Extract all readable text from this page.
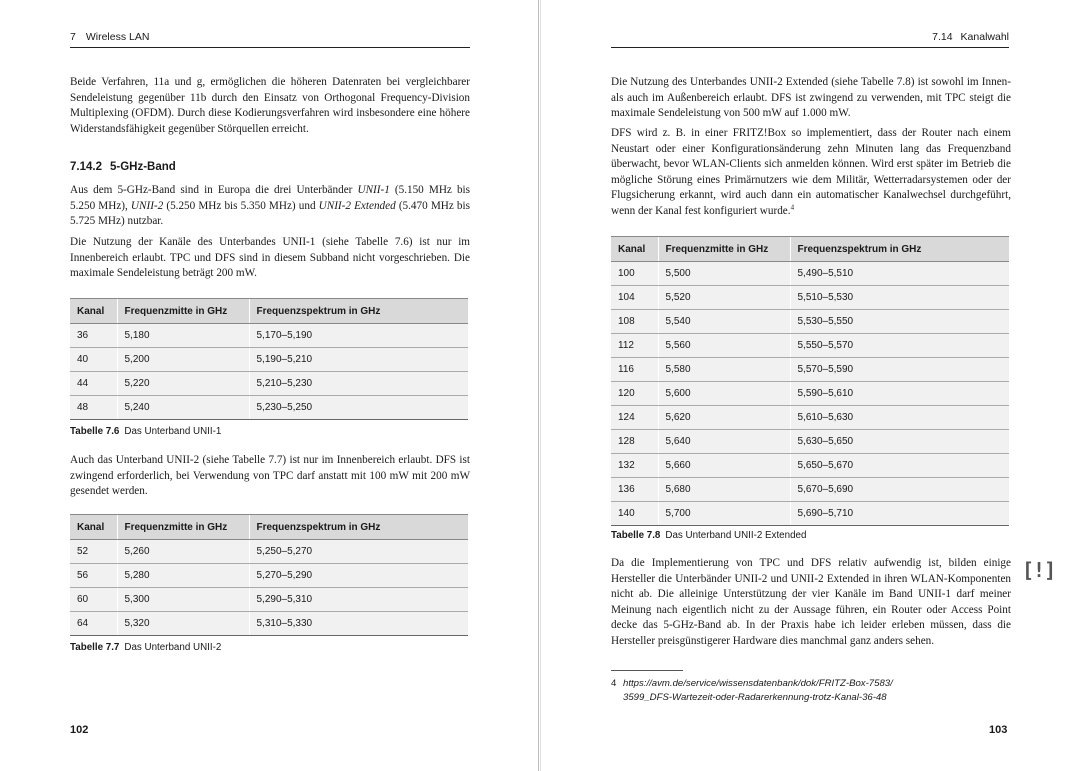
7 Wireless LAN

Beide Verfahren, 11a und g, ermöglichen die höheren Datenraten bei vergleichbarer Sendeleistung gegenüber 11b durch den Einsatz von Orthogonal Frequency-Division Multiplexing (OFDM). Durch diese Kodierungsverfahren wird insbesondere eine höhere Widerstandsfähigkeit gegenüber Störquellen erreicht.

7.14.2 5-GHz-Band

Aus dem 5-GHz-Band sind in Europa die drei Unterbänder UNII-1 (5.150 MHz bis 5.250 MHz), UNII-2 (5.250 MHz bis 5.350 MHz) und UNII-2 Extended (5.470 MHz bis 5.725 MHz) nutzbar.

Die Nutzung der Kanäle des Unterbandes UNII-1 (siehe Tabelle 7.6) ist nur im Innenbereich erlaubt. TPC und DFS sind in diesem Subband nicht vorgeschrieben. Die maximale Sendeleistung beträgt 200 mW.

Kanal	Frequenzmitte in GHz	Frequenzspektrum in GHz
36	5,180	5,170–5,190
40	5,200	5,190–5,210
44	5,220	5,210–5,230
48	5,240	5,230–5,250

Tabelle 7.6 Das Unterband UNII-1

Auch das Unterband UNII-2 (siehe Tabelle 7.7) ist nur im Innenbereich erlaubt. DFS ist zwingend erforderlich, bei Verwendung von TPC darf anstatt mit 100 mW mit 200 mW gesendet werden.

Kanal	Frequenzmitte in GHz	Frequenzspektrum in GHz
52	5,260	5,250–5,270
56	5,280	5,270–5,290
60	5,300	5,290–5,310
64	5,320	5,310–5,330

Tabelle 7.7 Das Unterband UNII-2

102
7.14 Kanalwahl

Die Nutzung des Unterbandes UNII-2 Extended (siehe Tabelle 7.8) ist sowohl im Innen- als auch im Außenbereich erlaubt. DFS ist zwingend zu verwenden, mit TPC steigt die maximale Sendeleistung von 500 mW auf 1.000 mW.

DFS wird z. B. in einer FRITZ!Box so implementiert, dass der Router nach einem Neustart oder einer Konfigurationsänderung zehn Minuten lang das Frequenzband überwacht, bevor WLAN-Clients sich anmelden können. Wird erst später im Betrieb die mögliche Störung eines Primärnutzers wie dem Militär, Wetterradarsystemen oder der Flugsicherung erkannt, wird auch dann ein automatischer Kanalwechsel durchgeführt, wenn der Kanal fest konfiguriert wurde.$^4$

Kanal	Frequenzmitte in GHz	Frequenzspektrum in GHz
100	5,500	5,490–5,510
104	5,520	5,510–5,530
108	5,540	5,530–5,550
112	5,560	5,550–5,570
116	5,580	5,570–5,590
120	5,600	5,590–5,610
124	5,620	5,610–5,630
128	5,640	5,630–5,650
132	5,660	5,650–5,670
136	5,680	5,670–5,690
140	5,700	5,690–5,710

Tabelle 7.8 Das Unterband UNII-2 Extended

Da die Implementierung von TPC und DFS relativ aufwendig ist, bilden einige Hersteller die Unterbänder UNII-2 und UNII-2 Extended in ihren WLAN-Komponenten nicht ab. Die alleinige Unterstützung der vier Kanäle im Band UNII-1 darf meiner Meinung nach eigentlich nicht zu der Aussage führen, ein Router oder Access Point decke das 5-GHz-Band ab. In der Praxis habe ich leider erleben müssen, dass die Hersteller preisgünstigerer Hardware dies manchmal ganz anders sehen.

[!]
4 https://avm.de/service/wissensdatenbank/dok/FRITZ-Box-7583/
3599_DFS-Wartezeit-oder-Radarerkennung-trotz-Kanal-36-48
103
